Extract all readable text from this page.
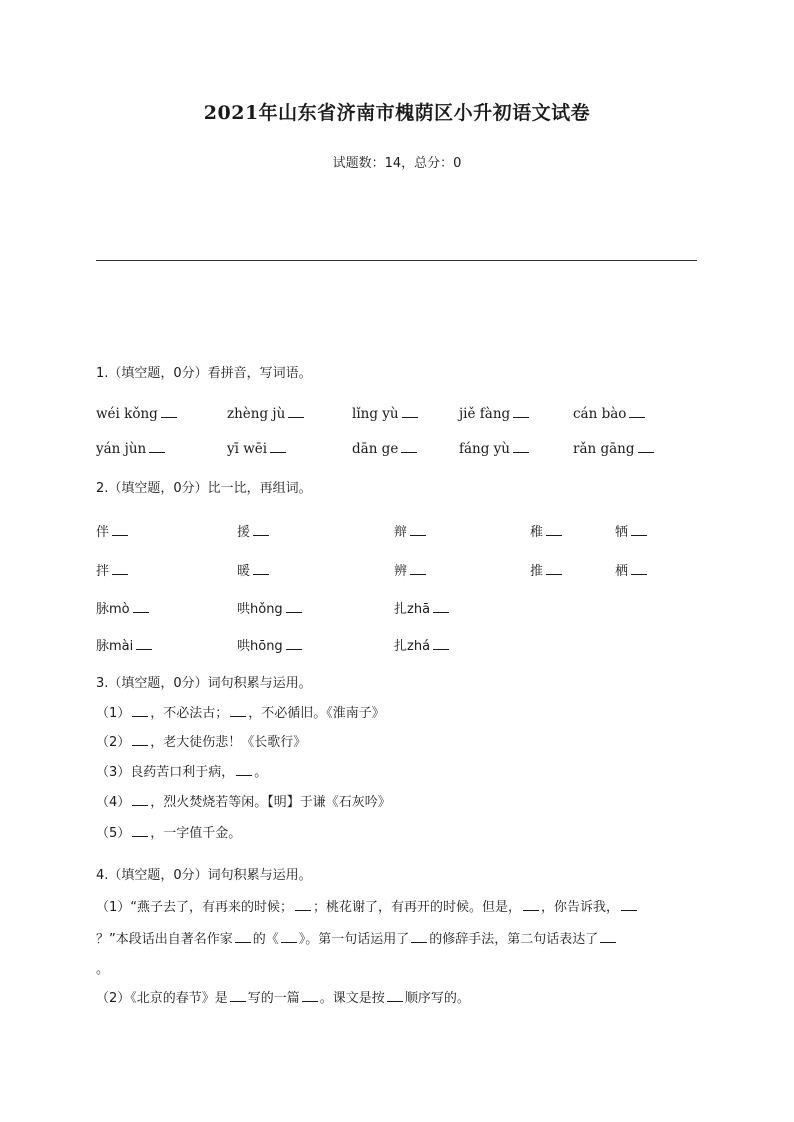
2021年山东省济南市槐荫区小升初语文试卷
试题数：14，总分：0
1.（填空题，0分）看拼音，写词语。
wéi kǒng	zhèng jù	lǐng yù	jiě fàng	cán bào
yán jùn	yī wēi	dān ge	fáng yù	rǎn gāng
2.（填空题，0分）比一比，再组词。
伴	援	辩	稚	牺
拌	暖	辨	推	栖
脉mò	哄hǒng	扎zhā
脉mài	哄hōng	扎zhá
3.（填空题，0分）词句积累与运用。
（1） ，不必法古； ，不必循旧。《淮南子》
（2） ，老大徒伤悲！《长歌行》
（3）良药苦口利于病， 。
（4） ，烈火焚烧若等闲。【明】于谦《石灰吟》
（5） ，一字值千金。
4.（填空题，0分）词句积累与运用。
（1）“燕子去了，有再来的时候； ；桃花谢了，有再开的时候。但是， ，你告诉我，
？”本段话出自著名作家 的《 》。第一句话运用了 的修辞手法，第二句话表达了
。
（2）《北京的春节》是 写的一篇 。课文是按 顺序写的。
